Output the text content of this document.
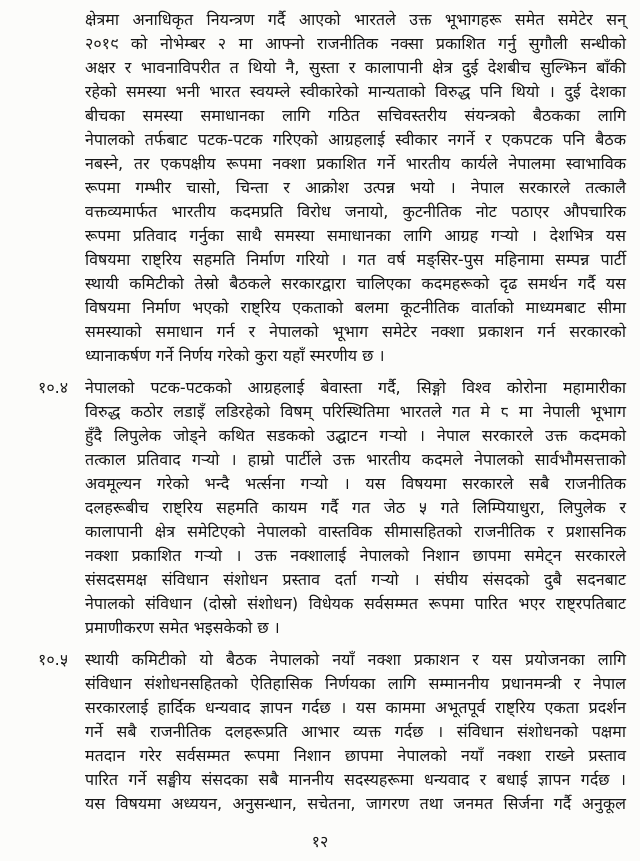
क्षेत्रमा अनाधिकृत नियन्त्रण गर्दै आएको भारतले उक्त भूभागहरू समेत समेटेर सन्
२०१९ को नोभेम्बर २ मा आफ्नो राजनीतिक नक्सा प्रकाशित गर्नु सुगौली सन्धीको
अक्षर र भावनाविपरीत त थियो नै, सुस्ता र कालापानी क्षेत्र दुई देशबीच सुल्झिन बाँकी
रहेको समस्या भनी भारत स्वयम्ले स्वीकारेको मान्यताको विरुद्ध पनि थियो । दुई देशका
बीचका समस्या समाधानका लागि गठित सचिवस्तरीय संयन्त्रको बैठकका लागि
नेपालको तर्फबाट पटक-पटक गरिएको आग्रहलाई स्वीकार नगर्ने र एकपटक पनि बैठक
नबस्ने, तर एकपक्षीय रूपमा नक्शा प्रकाशित गर्ने भारतीय कार्यले नेपालमा स्वाभाविक
रूपमा गम्भीर चासो, चिन्ता र आक्रोश उत्पन्न भयो । नेपाल सरकारले तत्कालै
वक्तव्यमार्फत भारतीय कदमप्रति विरोध जनायो, कुटनीतिक नोट पठाएर औपचारिक
रूपमा प्रतिवाद गर्नुका साथै समस्या समाधानका लागि आग्रह गऱ्यो । देशभित्र यस
विषयमा राष्ट्रिय सहमति निर्माण गरियो । गत वर्ष मङ्सिर-पुस महिनामा सम्पन्न पार्टी
स्थायी कमिटीको तेस्रो बैठकले सरकारद्वारा चालिएका कदमहरूको दृढ समर्थन गर्दै यस
विषयमा निर्माण भएको राष्ट्रिय एकताको बलमा कूटनीतिक वार्ताको माध्यमबाट सीमा
समस्याको समाधान गर्न र नेपालको भूभाग समेटेर नक्शा प्रकाशन गर्न सरकारको
ध्यानाकर्षण गर्ने निर्णय गरेको कुरा यहाँ स्मरणीय छ ।
१०.४ नेपालको पटक-पटकको आग्रहलाई बेवास्ता गर्दै, सिङ्गो विश्व कोरोना महामारीका
विरुद्ध कठोर लडाइँ लडिरहेको विषम् परिस्थितिमा भारतले गत मे ८ मा नेपाली भूभाग
हुँदै लिपुलेक जोड्ने कथित सडकको उद्घाटन गऱ्यो । नेपाल सरकारले उक्त कदमको
तत्काल प्रतिवाद गऱ्यो । हाम्रो पार्टीले उक्त भारतीय कदमले नेपालको सार्वभौमसत्ताको
अवमूल्यन गरेको भन्दै भर्त्सना गऱ्यो । यस विषयमा सरकारले सबै राजनीतिक
दलहरूबीच राष्ट्रिय सहमति कायम गर्दै गत जेठ ५ गते लिम्पियाधुरा, लिपुलेक र
कालापानी क्षेत्र समेटिएको नेपालको वास्तविक सीमासहितको राजनीतिक र प्रशासनिक
नक्शा प्रकाशित गऱ्यो । उक्त नक्शालाई नेपालको निशान छापमा समेट्न सरकारले
संसदसमक्ष संविधान संशोधन प्रस्ताव दर्ता गऱ्यो । संघीय संसदको दुबै सदनबाट
नेपालको संविधान (दोस्रो संशोधन) विधेयक सर्वसम्मत रूपमा पारित भएर राष्ट्रपतिबाट
प्रमाणीकरण समेत भइसकेको छ ।
१०.५ स्थायी कमिटीको यो बैठक नेपालको नयाँ नक्शा प्रकाशन र यस प्रयोजनका लागि
संविधान संशोधनसहितको ऐतिहासिक निर्णयका लागि सम्माननीय प्रधानमन्त्री र नेपाल
सरकारलाई हार्दिक धन्यवाद ज्ञापन गर्दछ । यस काममा अभूतपूर्व राष्ट्रिय एकता प्रदर्शन
गर्ने सबै राजनीतिक दलहरूप्रति आभार व्यक्त गर्दछ । संविधान संशोधनको पक्षमा
मतदान गरेर सर्वसम्मत रूपमा निशान छापमा नेपालको नयाँ नक्शा राख्ने प्रस्ताव
पारित गर्ने सङ्घीय संसदका सबै माननीय सदस्यहरूमा धन्यवाद र बधाई ज्ञापन गर्दछ ।
यस विषयमा अध्ययन, अनुसन्धान, सचेतना, जागरण तथा जनमत सिर्जना गर्दै अनुकूल
१२
